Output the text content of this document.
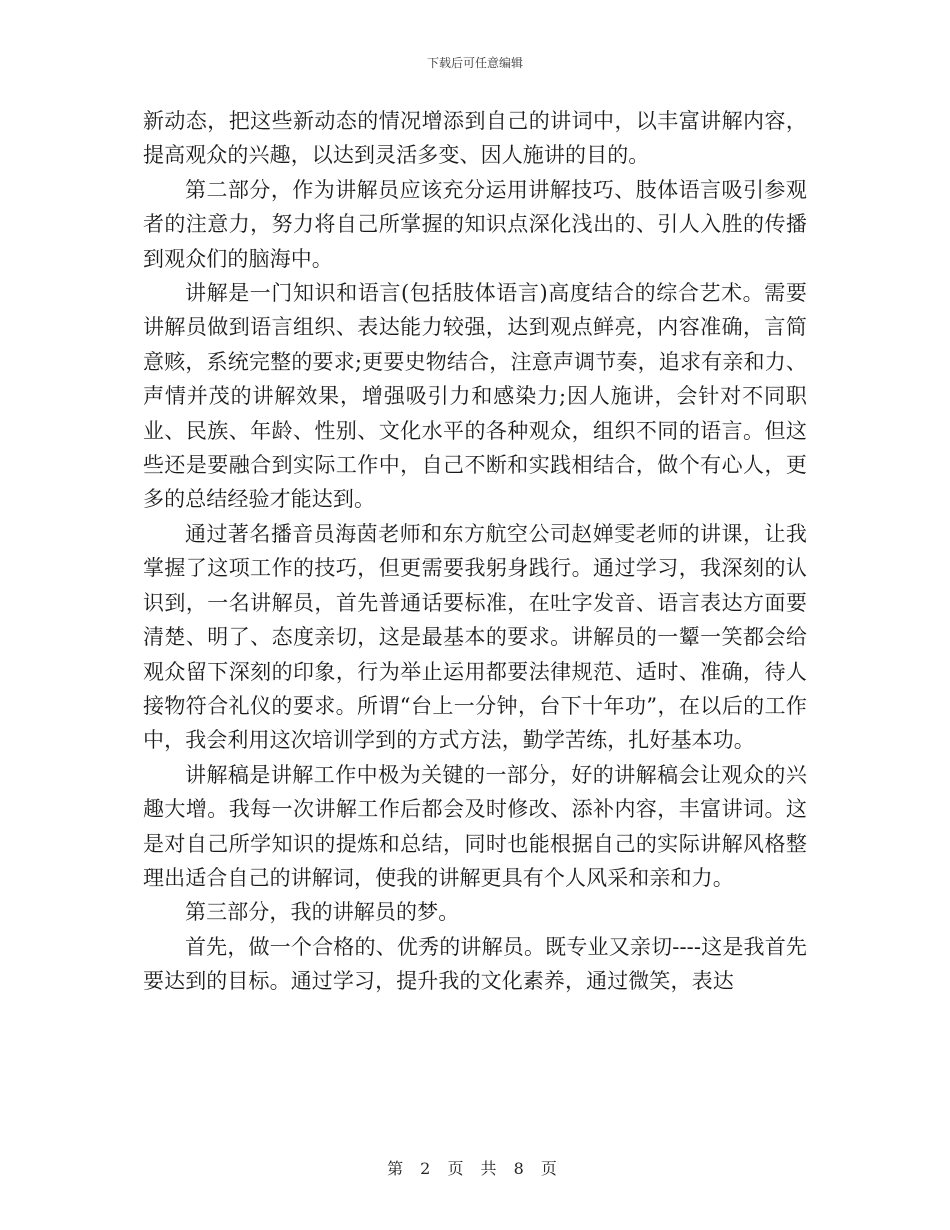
下载后可任意编辑

新动态，把这些新动态的情况增添到自己的讲词中，以丰富讲解内容，提高观众的兴趣，以达到灵活多变、因人施讲的目的。

第二部分，作为讲解员应该充分运用讲解技巧、肢体语言吸引参观者的注意力，努力将自己所掌握的知识点深化浅出的、引人入胜的传播到观众们的脑海中。

讲解是一门知识和语言(包括肢体语言)高度结合的综合艺术。需要讲解员做到语言组织、表达能力较强，达到观点鲜亮，内容准确，言简意赅，系统完整的要求;更要史物结合，注意声调节奏，追求有亲和力、声情并茂的讲解效果，增强吸引力和感染力;因人施讲，会针对不同职业、民族、年龄、性别、文化水平的各种观众，组织不同的语言。但这些还是要融合到实际工作中，自己不断和实践相结合，做个有心人，更多的总结经验才能达到。

通过著名播音员海茵老师和东方航空公司赵婵雯老师的讲课，让我掌握了这项工作的技巧，但更需要我躬身践行。通过学习，我深刻的认识到，一名讲解员，首先普通话要标准，在吐字发音、语言表达方面要清楚、明了、态度亲切，这是最基本的要求。讲解员的一颦一笑都会给观众留下深刻的印象，行为举止运用都要法律规范、适时、准确，待人接物符合礼仪的要求。所谓“台上一分钟，台下十年功”，在以后的工作中，我会利用这次培训学到的方式方法，勤学苦练，扎好基本功。

讲解稿是讲解工作中极为关键的一部分，好的讲解稿会让观众的兴趣大增。我每一次讲解工作后都会及时修改、添补内容，丰富讲词。这是对自己所学知识的提炼和总结，同时也能根据自己的实际讲解风格整理出适合自己的讲解词，使我的讲解更具有个人风采和亲和力。

第三部分，我的讲解员的梦。

首先，做一个合格的、优秀的讲解员。既专业又亲切----这是我首先要达到的目标。通过学习，提升我的文化素养，通过微笑，表达

第 2 页 共 8 页
